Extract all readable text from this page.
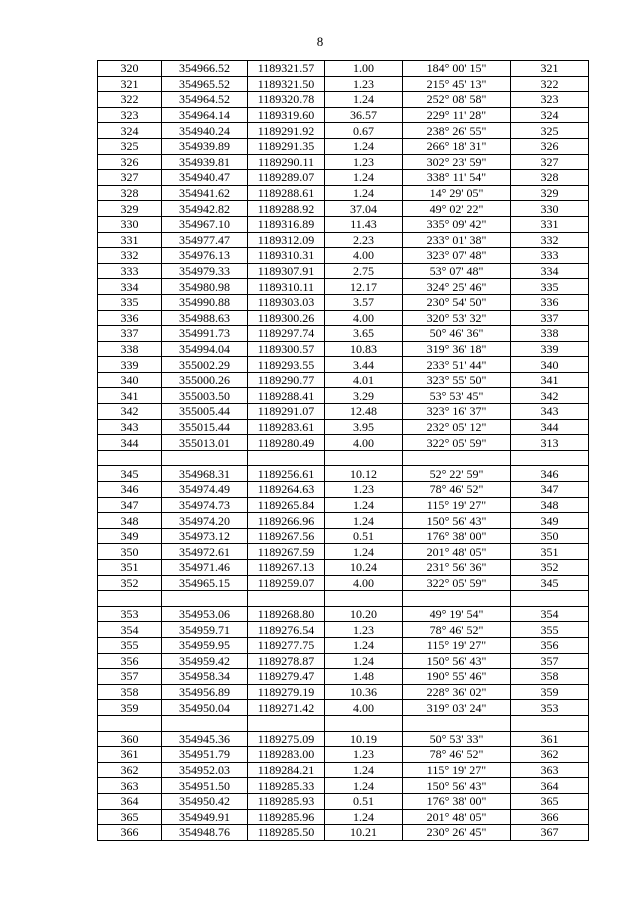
8
320	354966.52	1189321.57	1.00	184° 00' 15"	321
321	354965.52	1189321.50	1.23	215° 45' 13"	322
322	354964.52	1189320.78	1.24	252° 08' 58"	323
323	354964.14	1189319.60	36.57	229° 11' 28"	324
324	354940.24	1189291.92	0.67	238° 26' 55"	325
325	354939.89	1189291.35	1.24	266° 18' 31"	326
326	354939.81	1189290.11	1.23	302° 23' 59"	327
327	354940.47	1189289.07	1.24	338° 11' 54"	328
328	354941.62	1189288.61	1.24	14° 29' 05"	329
329	354942.82	1189288.92	37.04	49° 02' 22"	330
330	354967.10	1189316.89	11.43	335° 09' 42"	331
331	354977.47	1189312.09	2.23	233° 01' 38"	332
332	354976.13	1189310.31	4.00	323° 07' 48"	333
333	354979.33	1189307.91	2.75	53° 07' 48"	334
334	354980.98	1189310.11	12.17	324° 25' 46"	335
335	354990.88	1189303.03	3.57	230° 54' 50"	336
336	354988.63	1189300.26	4.00	320° 53' 32"	337
337	354991.73	1189297.74	3.65	50° 46' 36"	338
338	354994.04	1189300.57	10.83	319° 36' 18"	339
339	355002.29	1189293.55	3.44	233° 51' 44"	340
340	355000.26	1189290.77	4.01	323° 55' 50"	341
341	355003.50	1189288.41	3.29	53° 53' 45"	342
342	355005.44	1189291.07	12.48	323° 16' 37"	343
343	355015.44	1189283.61	3.95	232° 05' 12"	344
344	355013.01	1189280.49	4.00	322° 05' 59"	313

345	354968.31	1189256.61	10.12	52° 22' 59"	346
346	354974.49	1189264.63	1.23	78° 46' 52"	347
347	354974.73	1189265.84	1.24	115° 19' 27"	348
348	354974.20	1189266.96	1.24	150° 56' 43"	349
349	354973.12	1189267.56	0.51	176° 38' 00"	350
350	354972.61	1189267.59	1.24	201° 48' 05"	351
351	354971.46	1189267.13	10.24	231° 56' 36"	352
352	354965.15	1189259.07	4.00	322° 05' 59"	345

353	354953.06	1189268.80	10.20	49° 19' 54"	354
354	354959.71	1189276.54	1.23	78° 46' 52"	355
355	354959.95	1189277.75	1.24	115° 19' 27"	356
356	354959.42	1189278.87	1.24	150° 56' 43"	357
357	354958.34	1189279.47	1.48	190° 55' 46"	358
358	354956.89	1189279.19	10.36	228° 36' 02"	359
359	354950.04	1189271.42	4.00	319° 03' 24"	353

360	354945.36	1189275.09	10.19	50° 53' 33"	361
361	354951.79	1189283.00	1.23	78° 46' 52"	362
362	354952.03	1189284.21	1.24	115° 19' 27"	363
363	354951.50	1189285.33	1.24	150° 56' 43"	364
364	354950.42	1189285.93	0.51	176° 38' 00"	365
365	354949.91	1189285.96	1.24	201° 48' 05"	366
366	354948.76	1189285.50	10.21	230° 26' 45"	367
